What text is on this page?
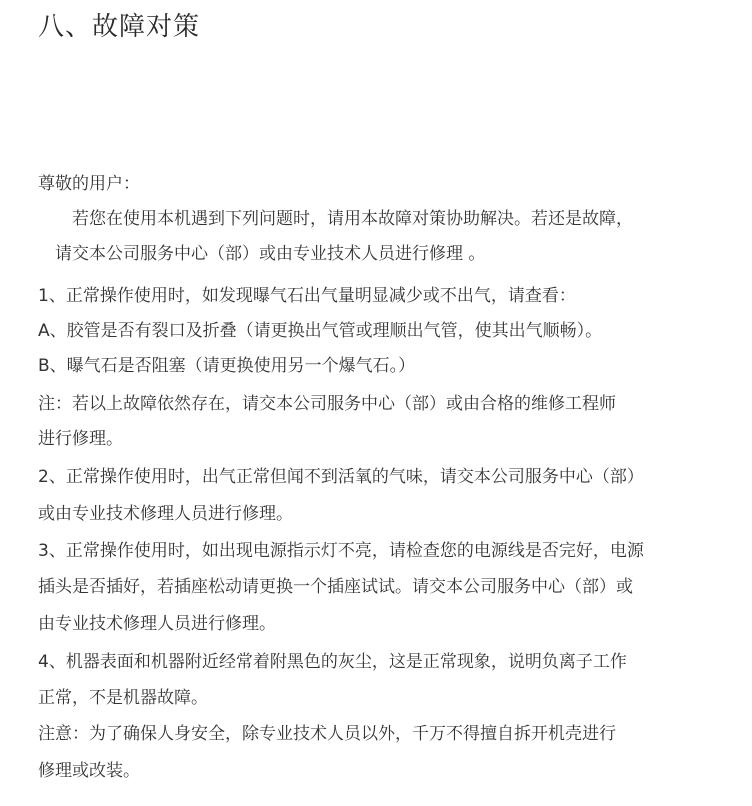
八、故障对策
尊敬的用户：
　　若您在使用本机遇到下列问题时，请用本故障对策协助解决。若还是故障，
　请交本公司服务中心（部）或由专业技术人员进行修理 。
1、正常操作使用时，如发现曝气石出气量明显减少或不出气，请查看：
A、胶管是否有裂口及折叠（请更换出气管或理顺出气管，使其出气顺畅）。
B、曝气石是否阻塞（请更换使用另一个爆气石。）
注：若以上故障依然存在，请交本公司服务中心（部）或由合格的维修工程师
进行修理。
2、正常操作使用时，出气正常但闻不到活氧的气味，请交本公司服务中心（部）
或由专业技术修理人员进行修理。
3、正常操作使用时，如出现电源指示灯不亮，请检查您的电源线是否完好，电源
插头是否插好，若插座松动请更换一个插座试试。请交本公司服务中心（部）或
由专业技术修理人员进行修理。
4、机器表面和机器附近经常着附黑色的灰尘，这是正常现象，说明负离子工作
正常，不是机器故障。
注意：为了确保人身安全，除专业技术人员以外，千万不得擅自拆开机壳进行
修理或改装。
